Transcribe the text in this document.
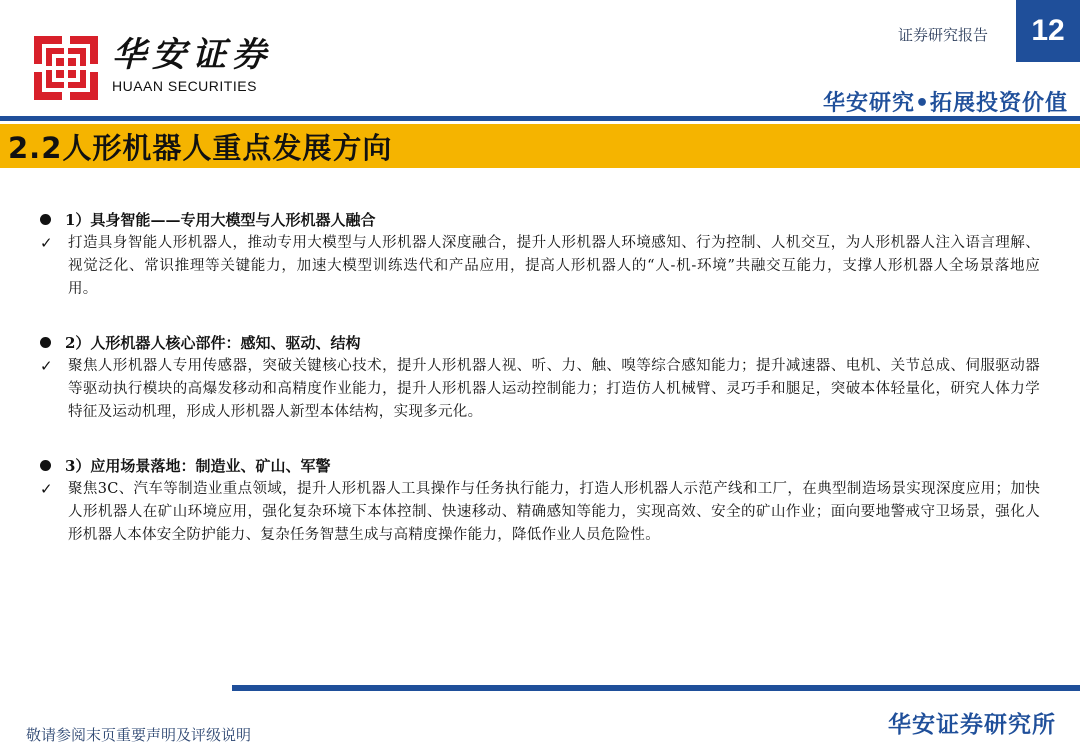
华安证券
HUAAN SECURITIES
证券研究报告	12
华安研究•拓展投资价值
2.2人形机器人重点发展方向
1）具身智能——专用大模型与人形机器人融合
✓	打造具身智能人形机器人，推动专用大模型与人形机器人深度融合，提升人形机器人环境感知、行为控制、人机交互，为人形机器人注入语言理解、视觉泛化、常识推理等关键能力，加速大模型训练迭代和产品应用，提高人形机器人的“人-机-环境”共融交互能力，支撑人形机器人全场景落地应用。
2）人形机器人核心部件：感知、驱动、结构
✓	聚焦人形机器人专用传感器，突破关键核心技术，提升人形机器人视、听、力、触、嗅等综合感知能力；提升减速器、电机、关节总成、伺服驱动器等驱动执行模块的高爆发移动和高精度作业能力，提升人形机器人运动控制能力；打造仿人机械臂、灵巧手和腿足，突破本体轻量化，研究人体力学特征及运动机理，形成人形机器人新型本体结构，实现多元化。
3）应用场景落地：制造业、矿山、军警
✓	聚焦3C、汽车等制造业重点领域，提升人形机器人工具操作与任务执行能力，打造人形机器人示范产线和工厂，在典型制造场景实现深度应用；加快人形机器人在矿山环境应用，强化复杂环境下本体控制、快速移动、精确感知等能力，实现高效、安全的矿山作业；面向要地警戒守卫场景，强化人形机器人本体安全防护能力、复杂任务智慧生成与高精度操作能力，降低作业人员危险性。
敬请参阅末页重要声明及评级说明	华安证券研究所
